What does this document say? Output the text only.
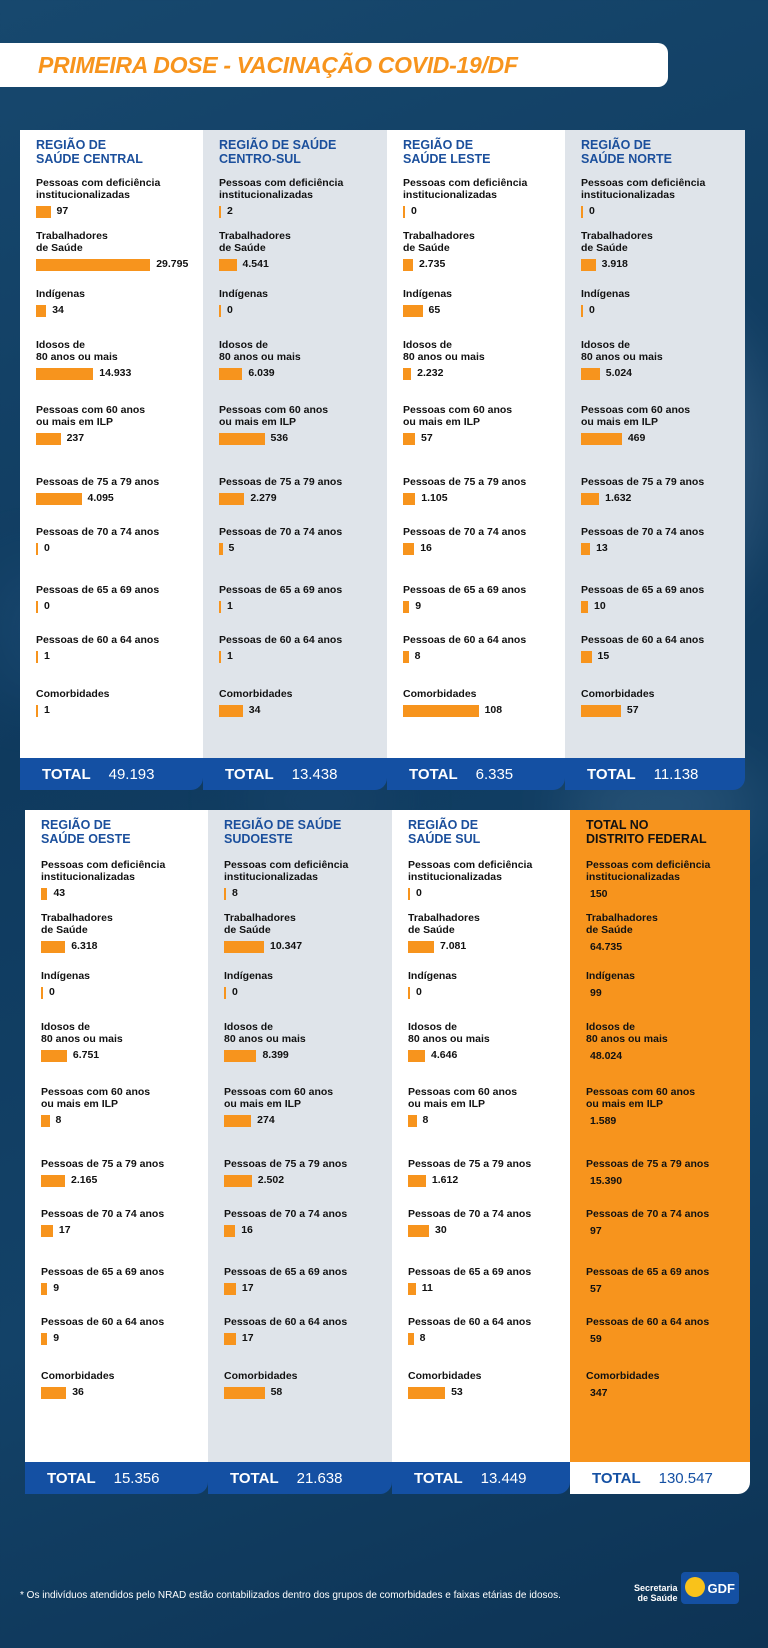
PRIMEIRA DOSE - VACINAÇÃO COVID-19/DF
REGIÃO DE
SAÚDE CENTRAL
Pessoas com deficiência
institucionalizadas
97
Trabalhadores
de Saúde
29.795
Indígenas
34
Idosos de
80 anos ou mais
14.933
Pessoas com 60 anos
ou mais em ILP
237
Pessoas de 75 a 79 anos
4.095
Pessoas de 70 a 74 anos
0
Pessoas de 65 a 69 anos
0
Pessoas de 60 a 64 anos
1
Comorbidades
1
TOTAL 49.193
REGIÃO DE SAÚDE
CENTRO-SUL
Pessoas com deficiência
institucionalizadas
2
Trabalhadores
de Saúde
4.541
Indígenas
0
Idosos de
80 anos ou mais
6.039
Pessoas com 60 anos
ou mais em ILP
536
Pessoas de 75 a 79 anos
2.279
Pessoas de 70 a 74 anos
5
Pessoas de 65 a 69 anos
1
Pessoas de 60 a 64 anos
1
Comorbidades
34
TOTAL 13.438
REGIÃO DE
SAÚDE LESTE
Pessoas com deficiência
institucionalizadas
0
Trabalhadores
de Saúde
2.735
Indígenas
65
Idosos de
80 anos ou mais
2.232
Pessoas com 60 anos
ou mais em ILP
57
Pessoas de 75 a 79 anos
1.105
Pessoas de 70 a 74 anos
16
Pessoas de 65 a 69 anos
9
Pessoas de 60 a 64 anos
8
Comorbidades
108
TOTAL 6.335
REGIÃO DE
SAÚDE NORTE
Pessoas com deficiência
institucionalizadas
0
Trabalhadores
de Saúde
3.918
Indígenas
0
Idosos de
80 anos ou mais
5.024
Pessoas com 60 anos
ou mais em ILP
469
Pessoas de 75 a 79 anos
1.632
Pessoas de 70 a 74 anos
13
Pessoas de 65 a 69 anos
10
Pessoas de 60 a 64 anos
15
Comorbidades
57
TOTAL 11.138
REGIÃO DE
SAÚDE OESTE
Pessoas com deficiência
institucionalizadas
43
Trabalhadores
de Saúde
6.318
Indígenas
0
Idosos de
80 anos ou mais
6.751
Pessoas com 60 anos
ou mais em ILP
8
Pessoas de 75 a 79 anos
2.165
Pessoas de 70 a 74 anos
17
Pessoas de 65 a 69 anos
9
Pessoas de 60 a 64 anos
9
Comorbidades
36
TOTAL 15.356
REGIÃO DE SAÚDE
SUDOESTE
Pessoas com deficiência
institucionalizadas
8
Trabalhadores
de Saúde
10.347
Indígenas
0
Idosos de
80 anos ou mais
8.399
Pessoas com 60 anos
ou mais em ILP
274
Pessoas de 75 a 79 anos
2.502
Pessoas de 70 a 74 anos
16
Pessoas de 65 a 69 anos
17
Pessoas de 60 a 64 anos
17
Comorbidades
58
TOTAL 21.638
REGIÃO DE
SAÚDE SUL
Pessoas com deficiência
institucionalizadas
0
Trabalhadores
de Saúde
7.081
Indígenas
0
Idosos de
80 anos ou mais
4.646
Pessoas com 60 anos
ou mais em ILP
8
Pessoas de 75 a 79 anos
1.612
Pessoas de 70 a 74 anos
30
Pessoas de 65 a 69 anos
11
Pessoas de 60 a 64 anos
8
Comorbidades
53
TOTAL 13.449
TOTAL NO
DISTRITO FEDERAL
Pessoas com deficiência
institucionalizadas
150
Trabalhadores
de Saúde
64.735
Indígenas
99
Idosos de
80 anos ou mais
48.024
Pessoas com 60 anos
ou mais em ILP
1.589
Pessoas de 75 a 79 anos
15.390
Pessoas de 70 a 74 anos
97
Pessoas de 65 a 69 anos
57
Pessoas de 60 a 64 anos
59
Comorbidades
347
TOTAL 130.547
* Os indivíduos atendidos pelo NRAD estão contabilizados dentro dos grupos de comorbidades e faixas etárias de idosos.
Secretaria
de Saúde
GDF
